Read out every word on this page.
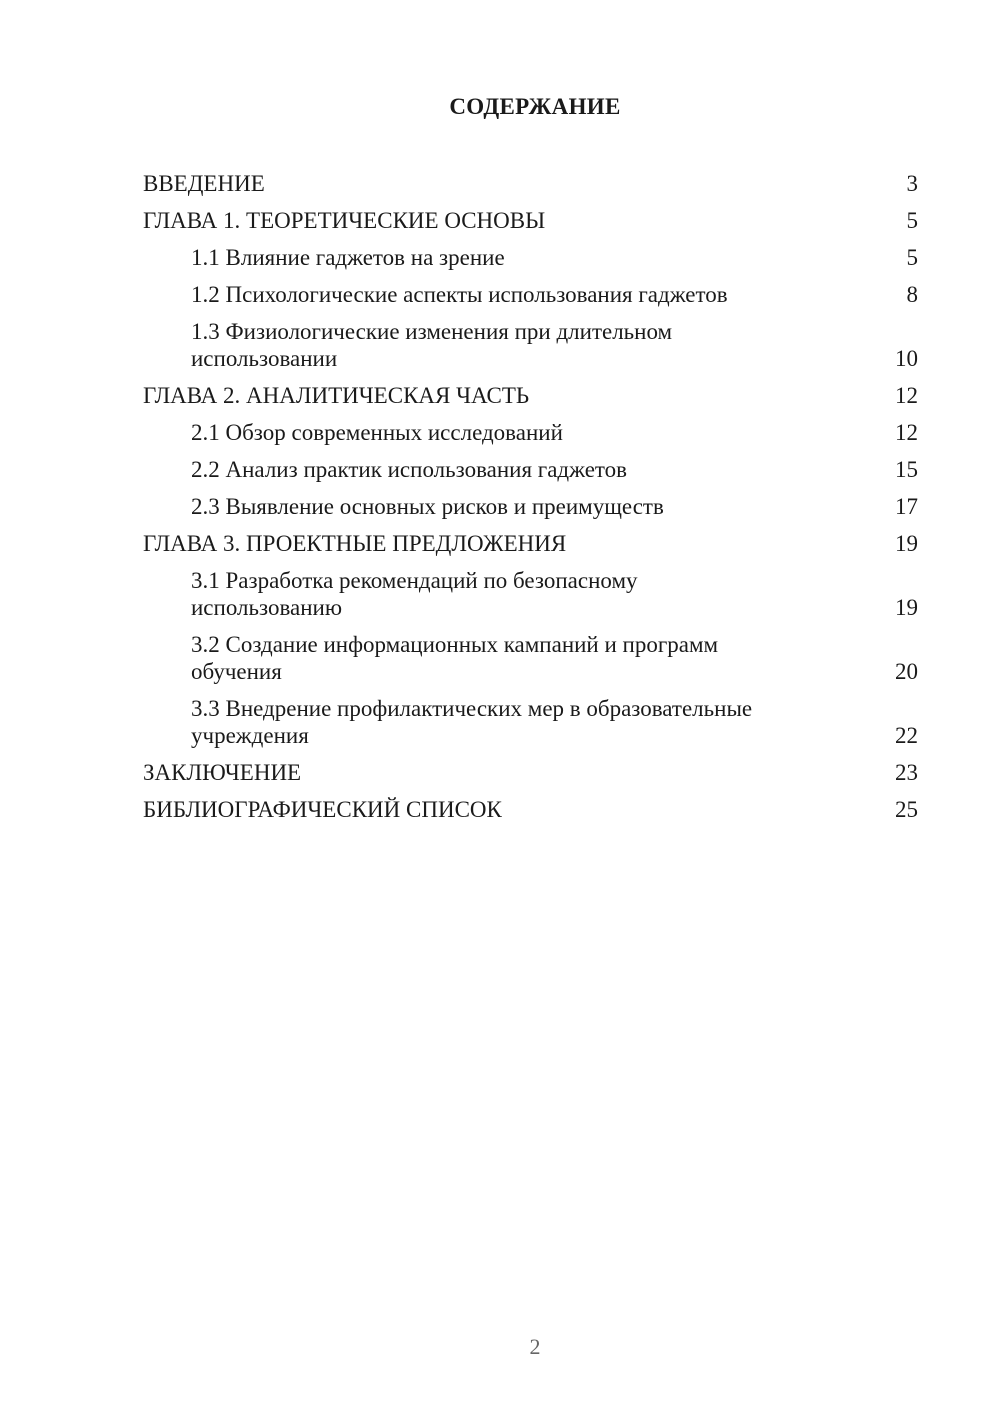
СОДЕРЖАНИЕ
ВВЕДЕНИЕ	3
ГЛАВА 1. ТЕОРЕТИЧЕСКИЕ ОСНОВЫ	5
1.1 Влияние гаджетов на зрение	5
1.2 Психологические аспекты использования гаджетов	8
1.3 Физиологические изменения при длительном использовании	10
ГЛАВА 2. АНАЛИТИЧЕСКАЯ ЧАСТЬ	12
2.1 Обзор современных исследований	12
2.2 Анализ практик использования гаджетов	15
2.3 Выявление основных рисков и преимуществ	17
ГЛАВА 3. ПРОЕКТНЫЕ ПРЕДЛОЖЕНИЯ	19
3.1 Разработка рекомендаций по безопасному использованию	19
3.2 Создание информационных кампаний и программ обучения	20
3.3 Внедрение профилактических мер в образовательные учреждения	22
ЗАКЛЮЧЕНИЕ	23
БИБЛИОГРАФИЧЕСКИЙ СПИСОК	25
2
